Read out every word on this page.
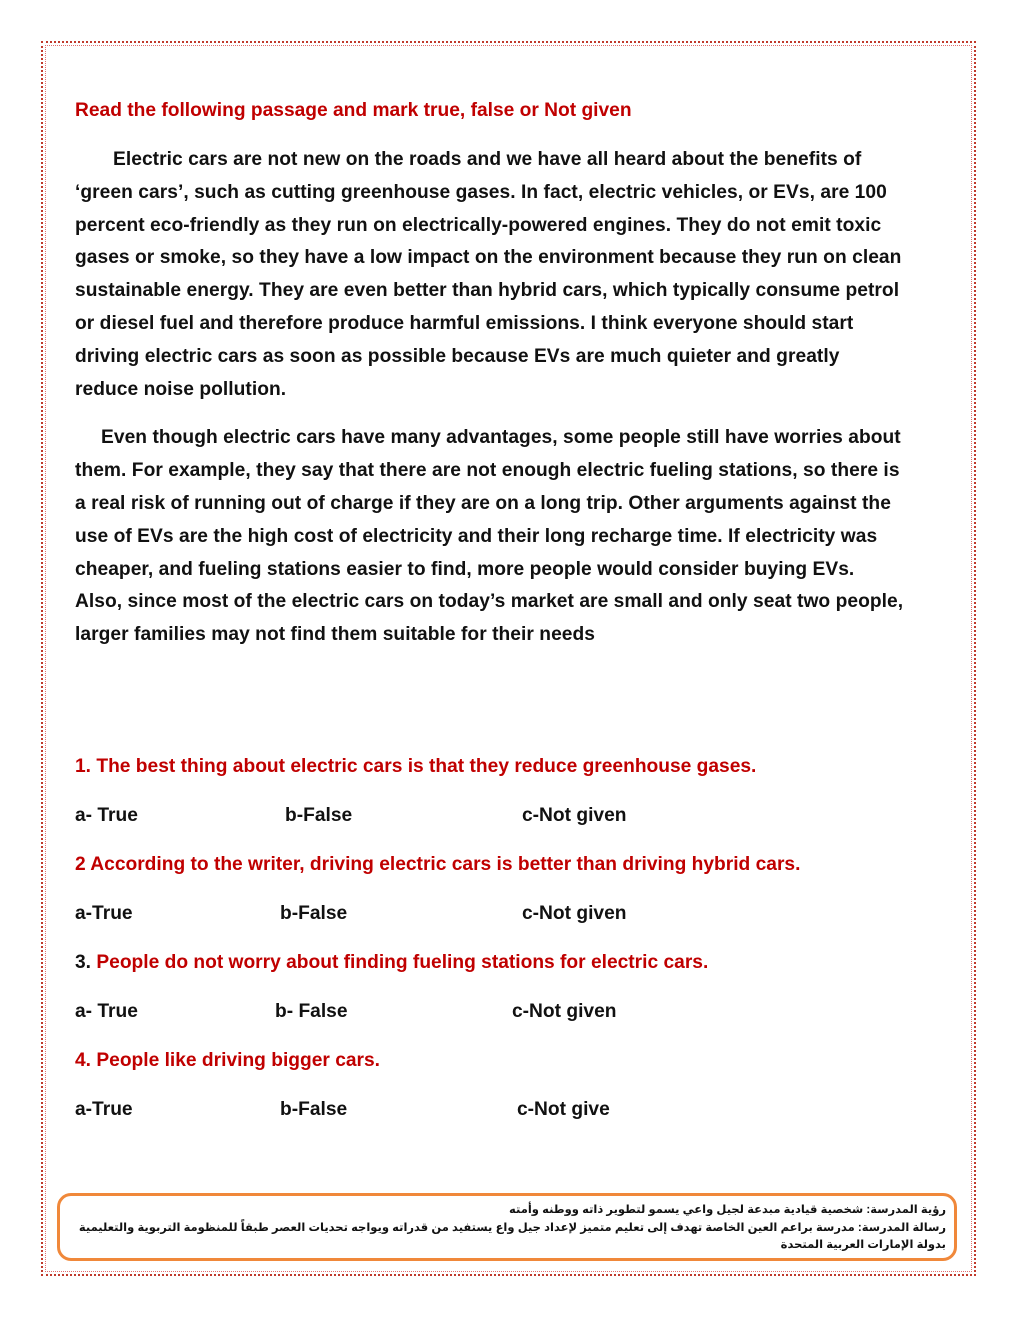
Read the following passage and mark true, false or Not given

Electric cars are not new on the roads and we have all heard about the benefits of ‘green cars’, such as cutting greenhouse gases. In fact, electric vehicles, or EVs, are 100 percent eco-friendly as they run on electrically-powered engines. They do not emit toxic gases or smoke, so they have a low impact on the environment because they run on clean sustainable energy. They are even better than hybrid cars, which typically consume petrol or diesel fuel and therefore produce harmful emissions. I think everyone should start driving electric cars as soon as possible because EVs are much quieter and greatly reduce noise pollution.

Even though electric cars have many advantages, some people still have worries about them. For example, they say that there are not enough electric fueling stations, so there is a real risk of running out of charge if they are on a long trip. Other arguments against the use of EVs are the high cost of electricity and their long recharge time. If electricity was cheaper, and fueling stations easier to find, more people would consider buying EVs. Also, since most of the electric cars on today’s market are small and only seat two people, larger families may not find them suitable for their needs

1. The best thing about electric cars is that they reduce greenhouse gases.

a- True	b-False	c-Not given

2 According to the writer, driving electric cars is better than driving hybrid cars.

a-True	b-False	c-Not given

3. People do not worry about finding fueling stations for electric cars.

a- True	b- False	c-Not given

4. People like driving bigger cars.

a-True	b-False	c-Not give

رؤية المدرسة: شخصية قيادية مبدعة لجيل واعي يسمو لتطوير ذاته ووطنه وأمته

رسالة المدرسة: مدرسة براعم العين الخاصة تهدف إلى تعليم متميز لإعداد جيل واع يستفيد من قدراته ويواجه تحديات العصر طبقاً للمنظومة التربوية والتعليمية بدولة الإمارات العربية المتحدة
